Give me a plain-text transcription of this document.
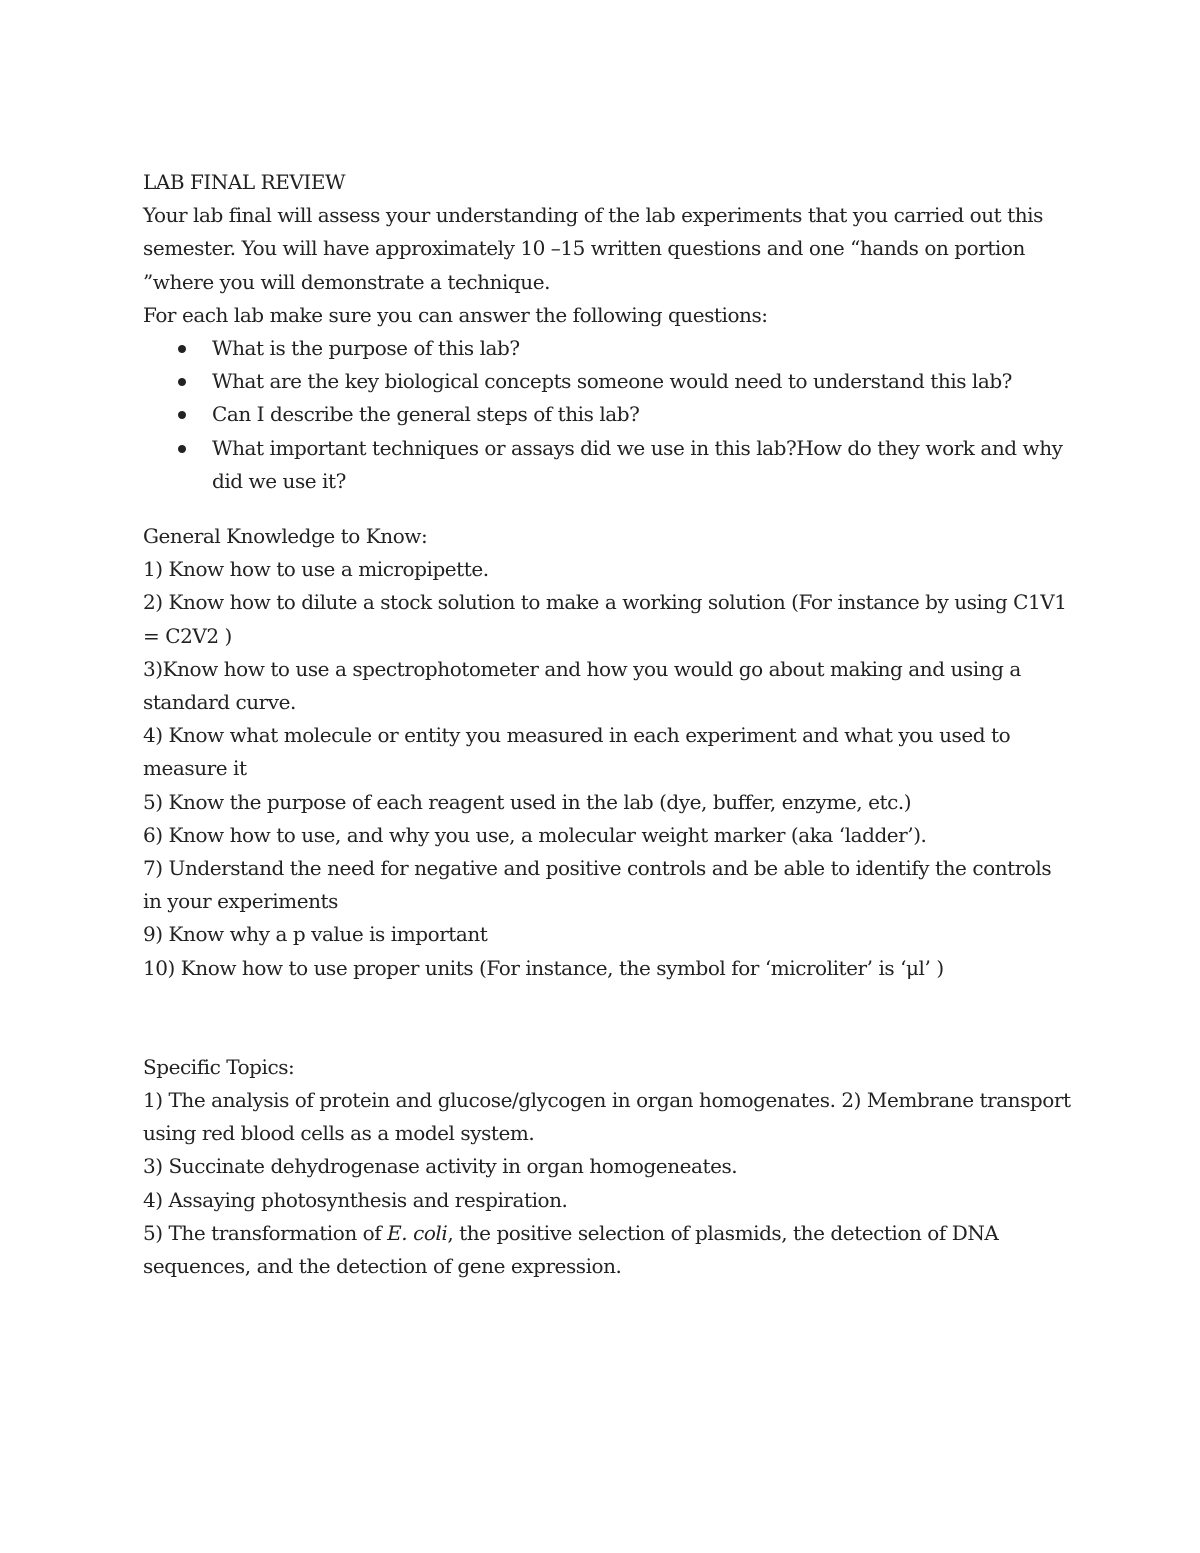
LAB FINAL REVIEW

Your lab final will assess your understanding of the lab experiments that you carried out this semester. You will have approximately 10 –15 written questions and one “hands on portion ”where you will demonstrate a technique.

For each lab make sure you can answer the following questions:

What is the purpose of this lab?
What are the key biological concepts someone would need to understand this lab?
Can I describe the general steps of this lab?
What important techniques or assays did we use in this lab?How do they work and why did we use it?

General Knowledge to Know:

1) Know how to use a micropipette.

2) Know how to dilute a stock solution to make a working solution (For instance by using C1V1 = C2V2 )

3)Know how to use a spectrophotometer and how you would go about making and using a standard curve.

4) Know what molecule or entity you measured in each experiment and what you used to measure it

5) Know the purpose of each reagent used in the lab (dye, buffer, enzyme, etc.)

6) Know how to use, and why you use, a molecular weight marker (aka ‘ladder’).

7) Understand the need for negative and positive controls and be able to identify the controls in your experiments

9) Know why a p value is important

10) Know how to use proper units (For instance, the symbol for ‘microliter’ is ‘μl’ )

Specific Topics:

1) The analysis of protein and glucose/glycogen in organ homogenates. 2) Membrane transport using red blood cells as a model system.

3) Succinate dehydrogenase activity in organ homogeneates.

4) Assaying photosynthesis and respiration.

5) The transformation of E. coli, the positive selection of plasmids, the detection of DNA sequences, and the detection of gene expression.
